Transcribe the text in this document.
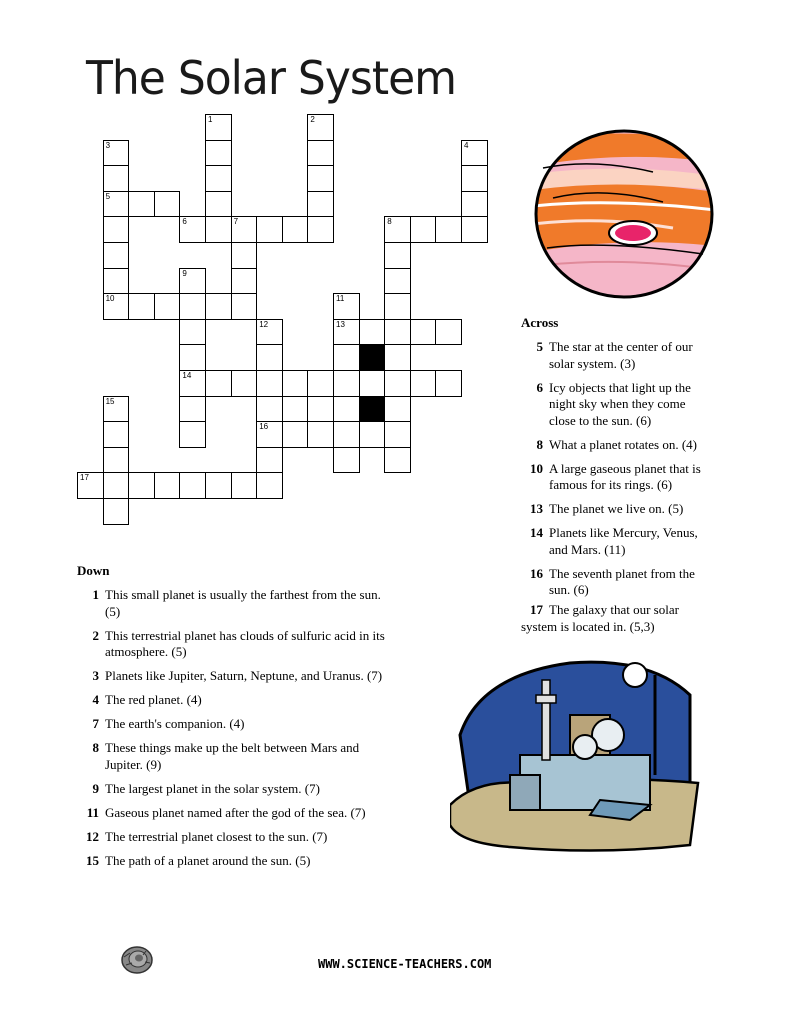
The Solar System
1	2
3
10
4
5
6	7	8
9
14
11
12
16
13
15
17
Across
5 The star at the center of our
solar system. (3)
6 Icy objects that light up the
night sky when they come
close to the sun. (6)
8 What a planet rotates on. (4)
10 A large gaseous planet that is
famous for its rings. (6)
13 The planet we live on. (5)
14 Planets like Mercury, Venus,
and Mars. (11)
16 The seventh planet from the
sun. (6)
17 The galaxy that our solar
system is located in. (5,3)
Down
1 This small planet is usually the farthest from the sun.
(5)
2 This terrestrial planet has clouds of sulfuric acid in its
atmosphere. (5)
3 Planets like Jupiter, Saturn, Neptune, and Uranus. (7)
4 The red planet. (4)
7 The earth's companion. (4)
8 These things make up the belt between Mars and
Jupiter. (9)
9 The largest planet in the solar system. (7)
11 Gaseous planet named after the god of the sea. (7)
12 The terrestrial planet closest to the sun. (7)
15 The path of a planet around the sun. (5)
WWW.SCIENCE-TEACHERS.COM
